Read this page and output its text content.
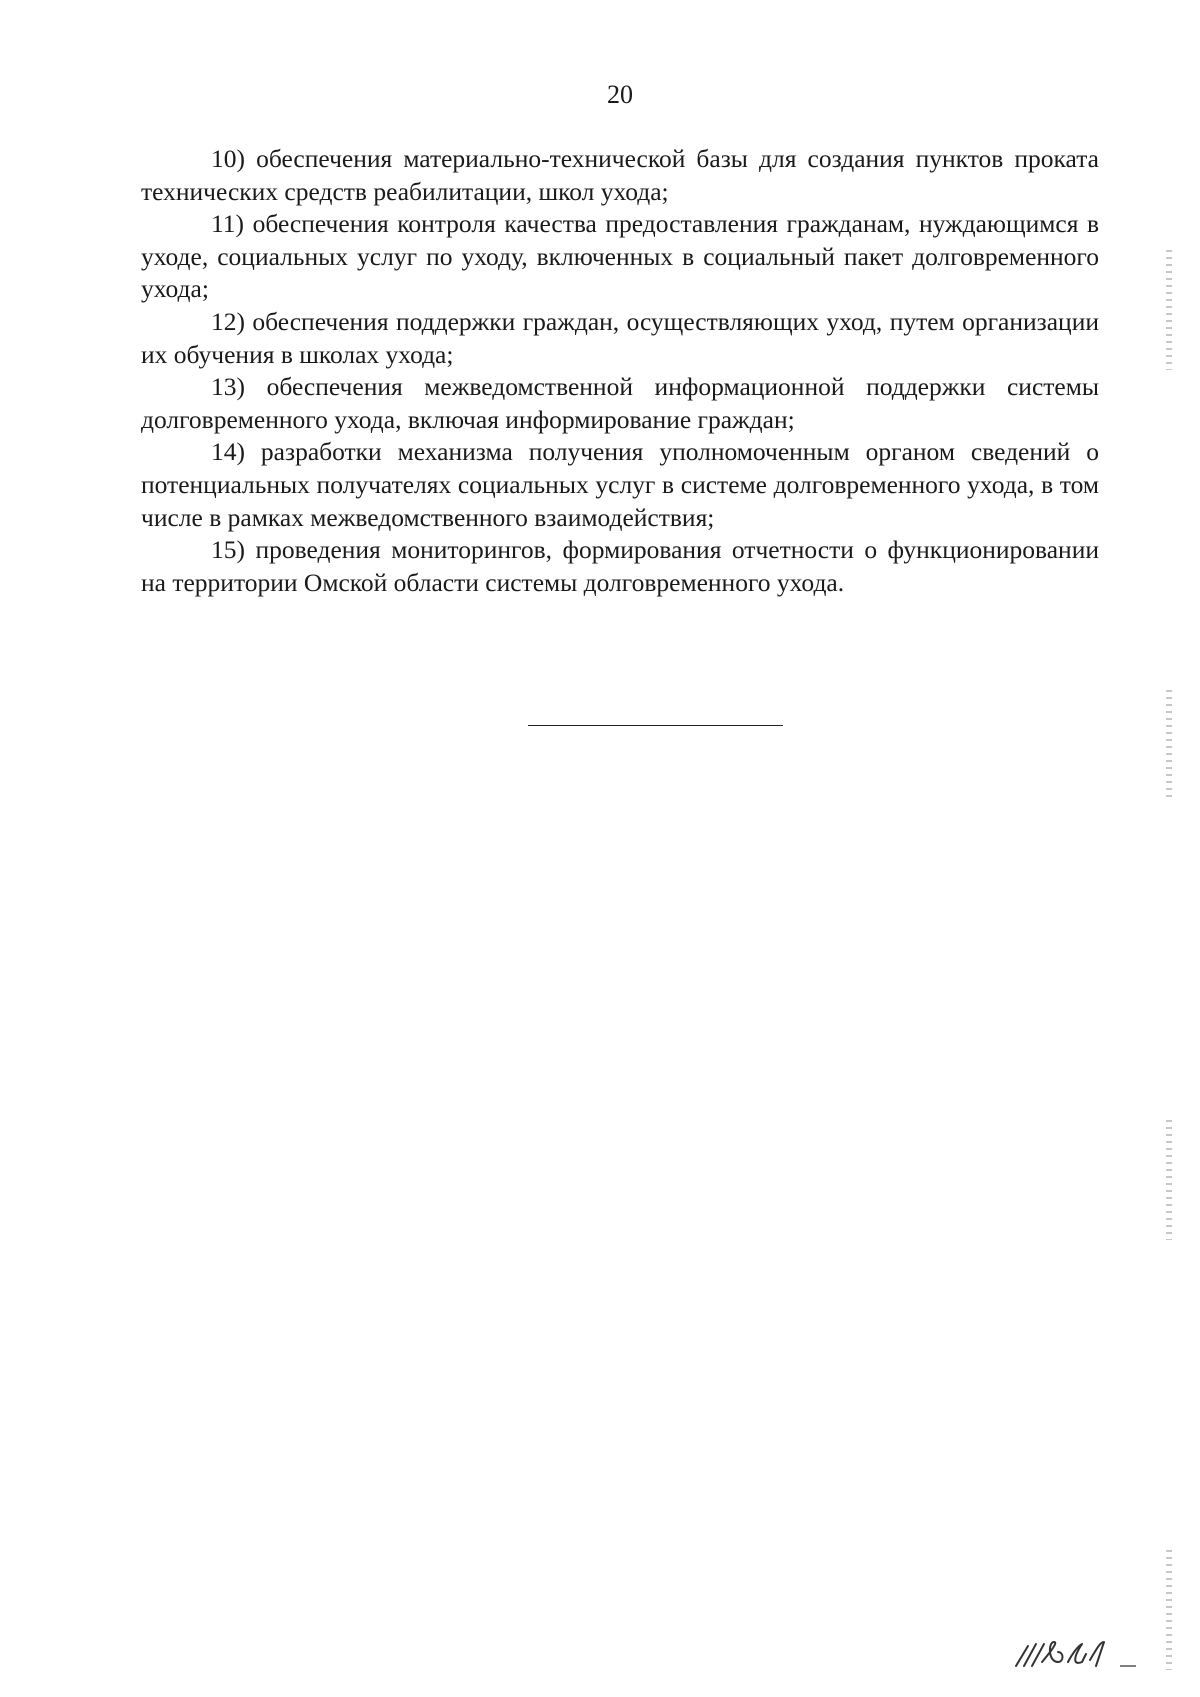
20

10) обеспечения материально-технической базы для создания пунктов проката технических средств реабилитации, школ ухода;

11) обеспечения контроля качества предоставления гражданам, нуждающимся в уходе, социальных услуг по уходу, включенных в социальный пакет долговременного ухода;

12) обеспечения поддержки граждан, осуществляющих уход, путем организации их обучения в школах ухода;

13) обеспечения межведомственной информационной поддержки системы долговременного ухода, включая информирование граждан;

14) разработки механизма получения уполномоченным органом сведений о потенциальных получателях социальных услуг в системе долговременного ухода, в том числе в рамках межведомственного взаимодействия;

15) проведения мониторингов, формирования отчетности о функционировании на территории Омской области системы долговременного ухода.
